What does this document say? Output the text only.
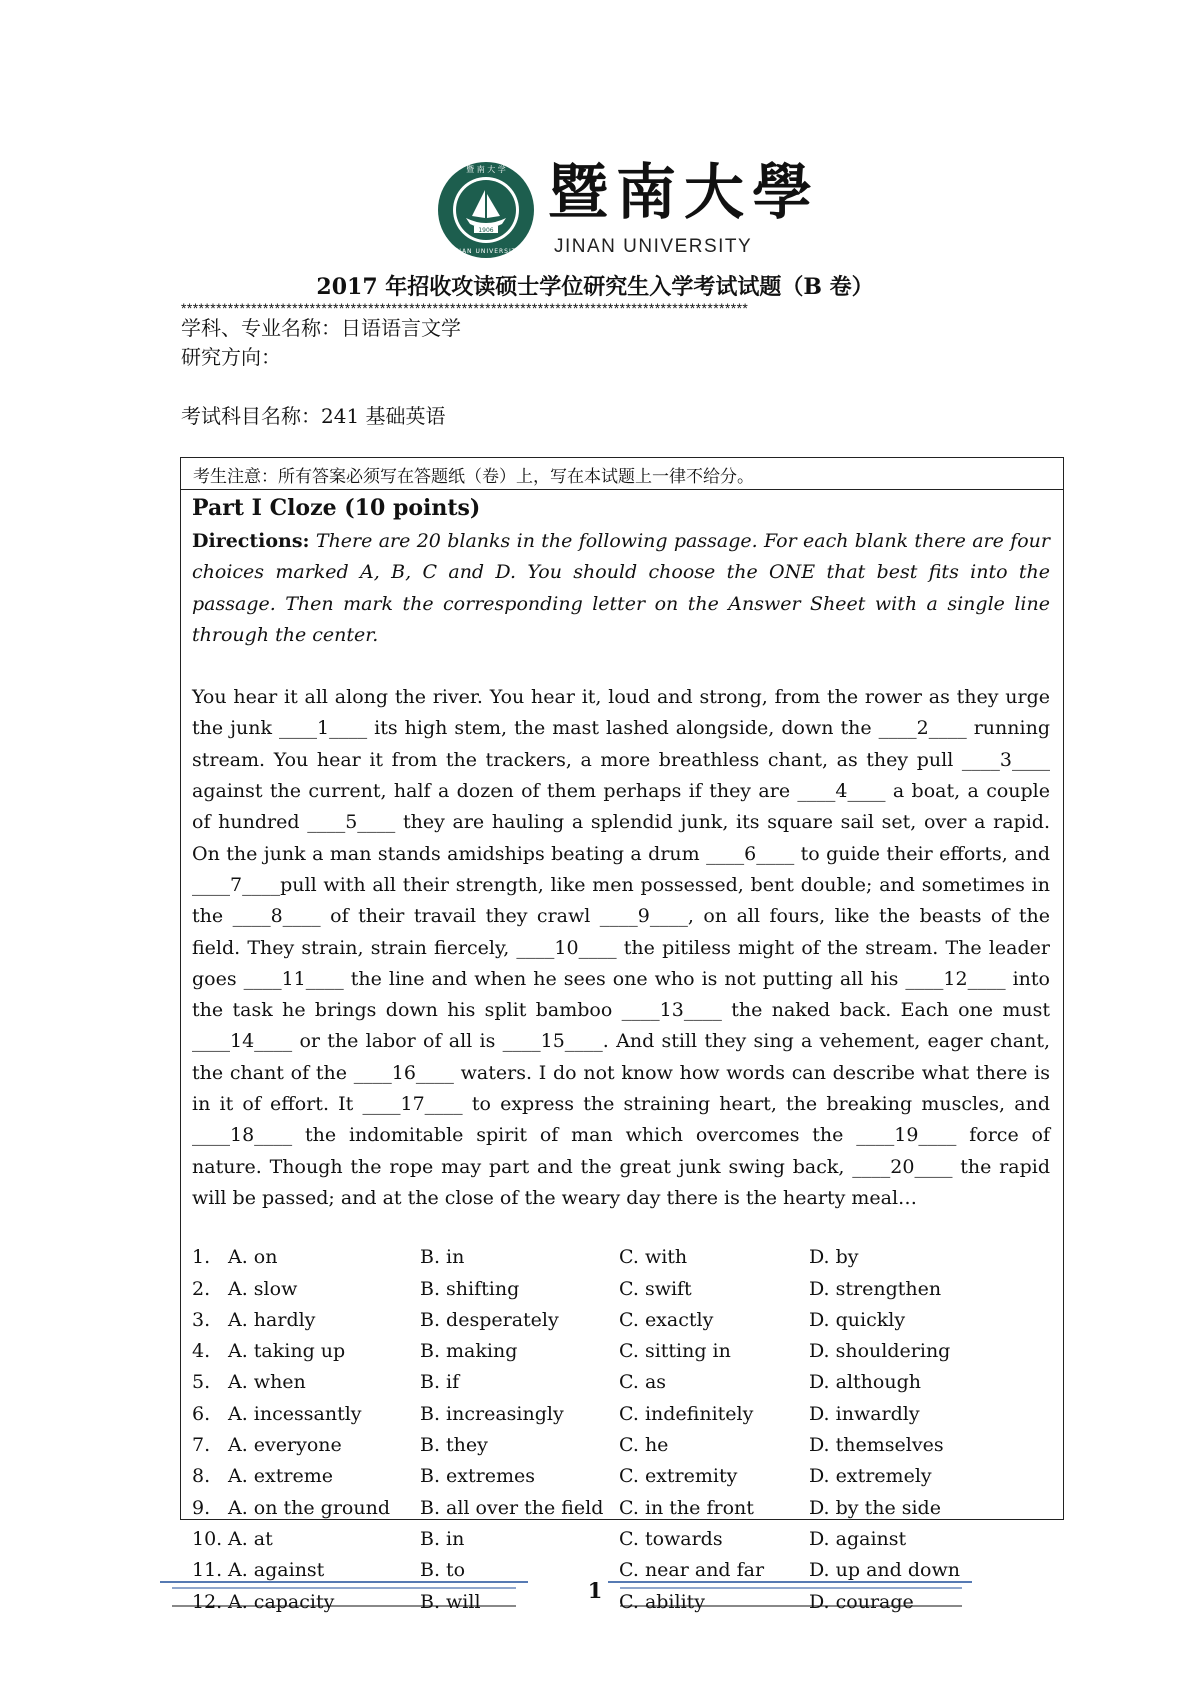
暨 南 大 学
JINAN UNIVERSITY
1906
暨南大學
JINAN UNIVERSITY
2017 年招收攻读硕士学位研究生入学考试试题（B 卷）
*************************************************************************************************
学科、专业名称：日语语言文学
研究方向：
考试科目名称：241 基础英语
考生注意：所有答案必须写在答题纸（卷）上，写在本试题上一律不给分。

Part I Cloze (10 points)

Directions: There are 20 blanks in the following passage. For each blank there are four choices marked A, B, C and D. You should choose the ONE that best fits into the passage. Then mark the corresponding letter on the Answer Sheet with a single line through the center.

You hear it all along the river. You hear it, loud and strong, from the rower as they urge the junk ____1____ its high stem, the mast lashed alongside, down the ____2____ running stream. You hear it from the trackers, a more breathless chant, as they pull ____3____ against the current, half a dozen of them perhaps if they are ____4____ a boat, a couple of hundred ____5____ they are hauling a splendid junk, its square sail set, over a rapid. On the junk a man stands amidships beating a drum ____6____ to guide their efforts, and ____7____pull with all their strength, like men possessed, bent double; and sometimes in the ____8____ of their travail they crawl ____9____, on all fours, like the beasts of the field. They strain, strain fiercely, ____10____ the pitiless might of the stream. The leader goes ____11____ the line and when he sees one who is not putting all his ____12____ into the task he brings down his split bamboo ____13____ the naked back. Each one must ____14____ or the labor of all is ____15____. And still they sing a vehement, eager chant, the chant of the ____16____ waters. I do not know how words can describe what there is in it of effort. It ____17____ to express the straining heart, the breaking muscles, and ____18____ the indomitable spirit of man which overcomes the ____19____ force of nature. Though the rope may part and the great junk swing back, ____20____ the rapid will be passed; and at the close of the weary day there is the hearty meal…
1. A. on	B. in	C. with	D. by
2. A. slow	B. shifting	C. swift	D. strengthen
3. A. hardly	B. desperately	C. exactly	D. quickly
4. A. taking up	B. making	C. sitting in	D. shouldering
5. A. when	B. if	C. as	D. although
6. A. incessantly	B. increasingly	C. indefinitely	D. inwardly
7. A. everyone	B. they	C. he	D. themselves
8. A. extreme	B. extremes	C. extremity	D. extremely
9. A. on the ground B. all over the field C. in the front	D. by the side
10. A. at	B. in	C. towards	D. against
11. A. against	B. to	C. near and far D. up and down
12. A. capacity	B. will	C. ability	D. courage
1
